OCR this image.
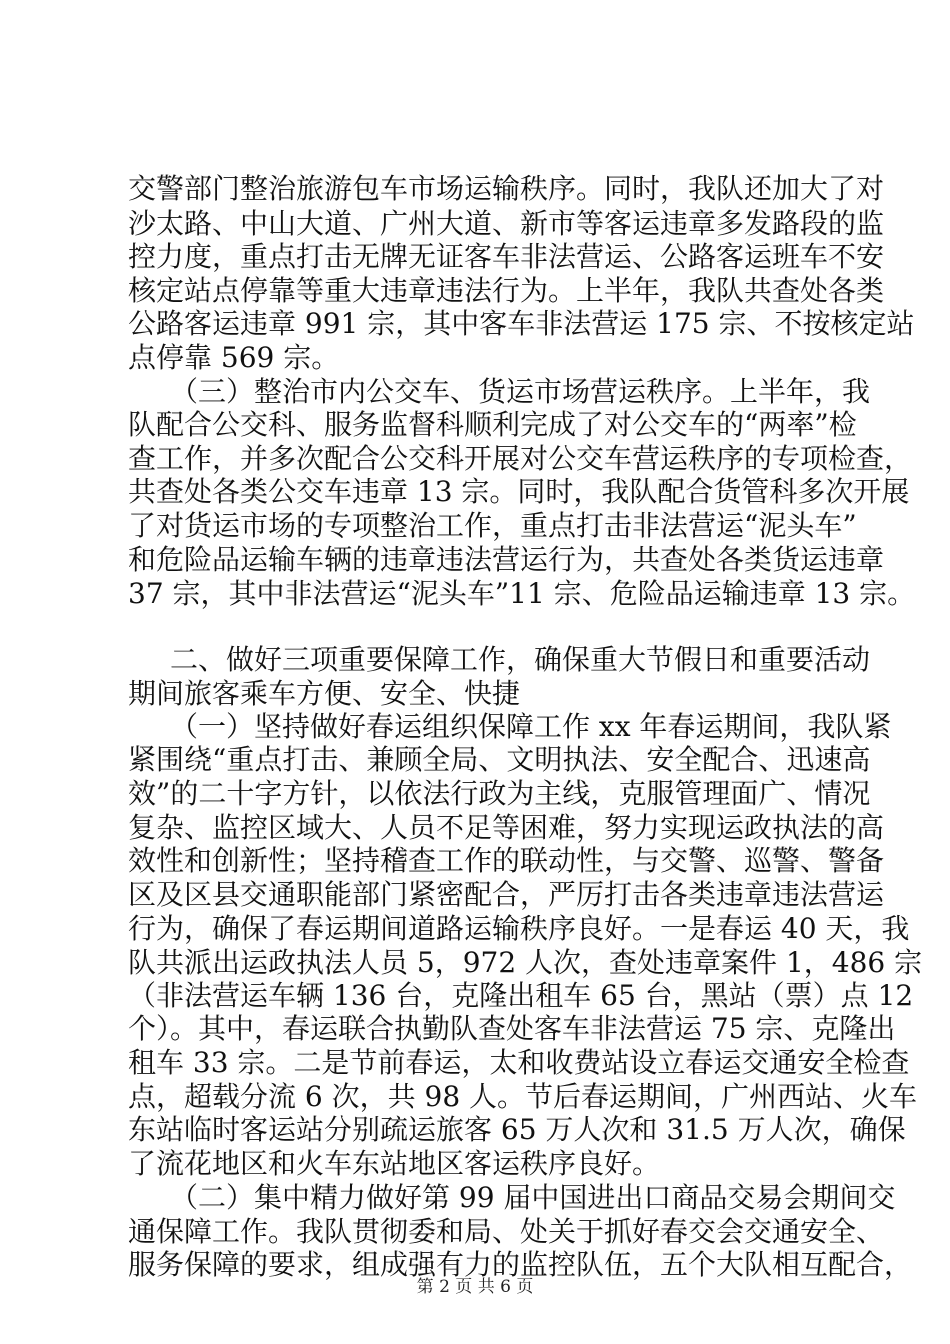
交警部门整治旅游包车市场运输秩序。同时，我队还加大了对
沙太路、中山大道、广州大道、新市等客运违章多发路段的监
控力度，重点打击无牌无证客车非法营运、公路客运班车不安
核定站点停靠等重大违章违法行为。上半年，我队共查处各类
公路客运违章 991 宗，其中客车非法营运 175 宗、不按核定站
点停靠 569 宗。
（三）整治市内公交车、货运市场营运秩序。上半年，我
队配合公交科、服务监督科顺利完成了对公交车的“两率”检
查工作，并多次配合公交科开展对公交车营运秩序的专项检查，
共查处各类公交车违章 13 宗。同时，我队配合货管科多次开展
了对货运市场的专项整治工作，重点打击非法营运“泥头车”
和危险品运输车辆的违章违法营运行为，共查处各类货运违章
37 宗，其中非法营运“泥头车”11 宗、危险品运输违章 13 宗。
二、做好三项重要保障工作，确保重大节假日和重要活动
期间旅客乘车方便、安全、快捷
（一）坚持做好春运组织保障工作 xx 年春运期间，我队紧
紧围绕“重点打击、兼顾全局、文明执法、安全配合、迅速高
效”的二十字方针，以依法行政为主线，克服管理面广、情况
复杂、监控区域大、人员不足等困难，努力实现运政执法的高
效性和创新性；坚持稽查工作的联动性，与交警、巡警、警备
区及区县交通职能部门紧密配合，严厉打击各类违章违法营运
行为，确保了春运期间道路运输秩序良好。一是春运 40 天，我
队共派出运政执法人员 5，972 人次，查处违章案件 1，486 宗
（非法营运车辆 136 台，克隆出租车 65 台，黑站（票）点 12
个）。其中，春运联合执勤队查处客车非法营运 75 宗、克隆出
租车 33 宗。二是节前春运，太和收费站设立春运交通安全检查
点，超载分流 6 次，共 98 人。节后春运期间，广州西站、火车
东站临时客运站分别疏运旅客 65 万人次和 31.5 万人次，确保
了流花地区和火车东站地区客运秩序良好。
（二）集中精力做好第 99 届中国进出口商品交易会期间交
通保障工作。我队贯彻委和局、处关于抓好春交会交通安全、
服务保障的要求，组成强有力的监控队伍，五个大队相互配合，
第 2 页 共 6 页
